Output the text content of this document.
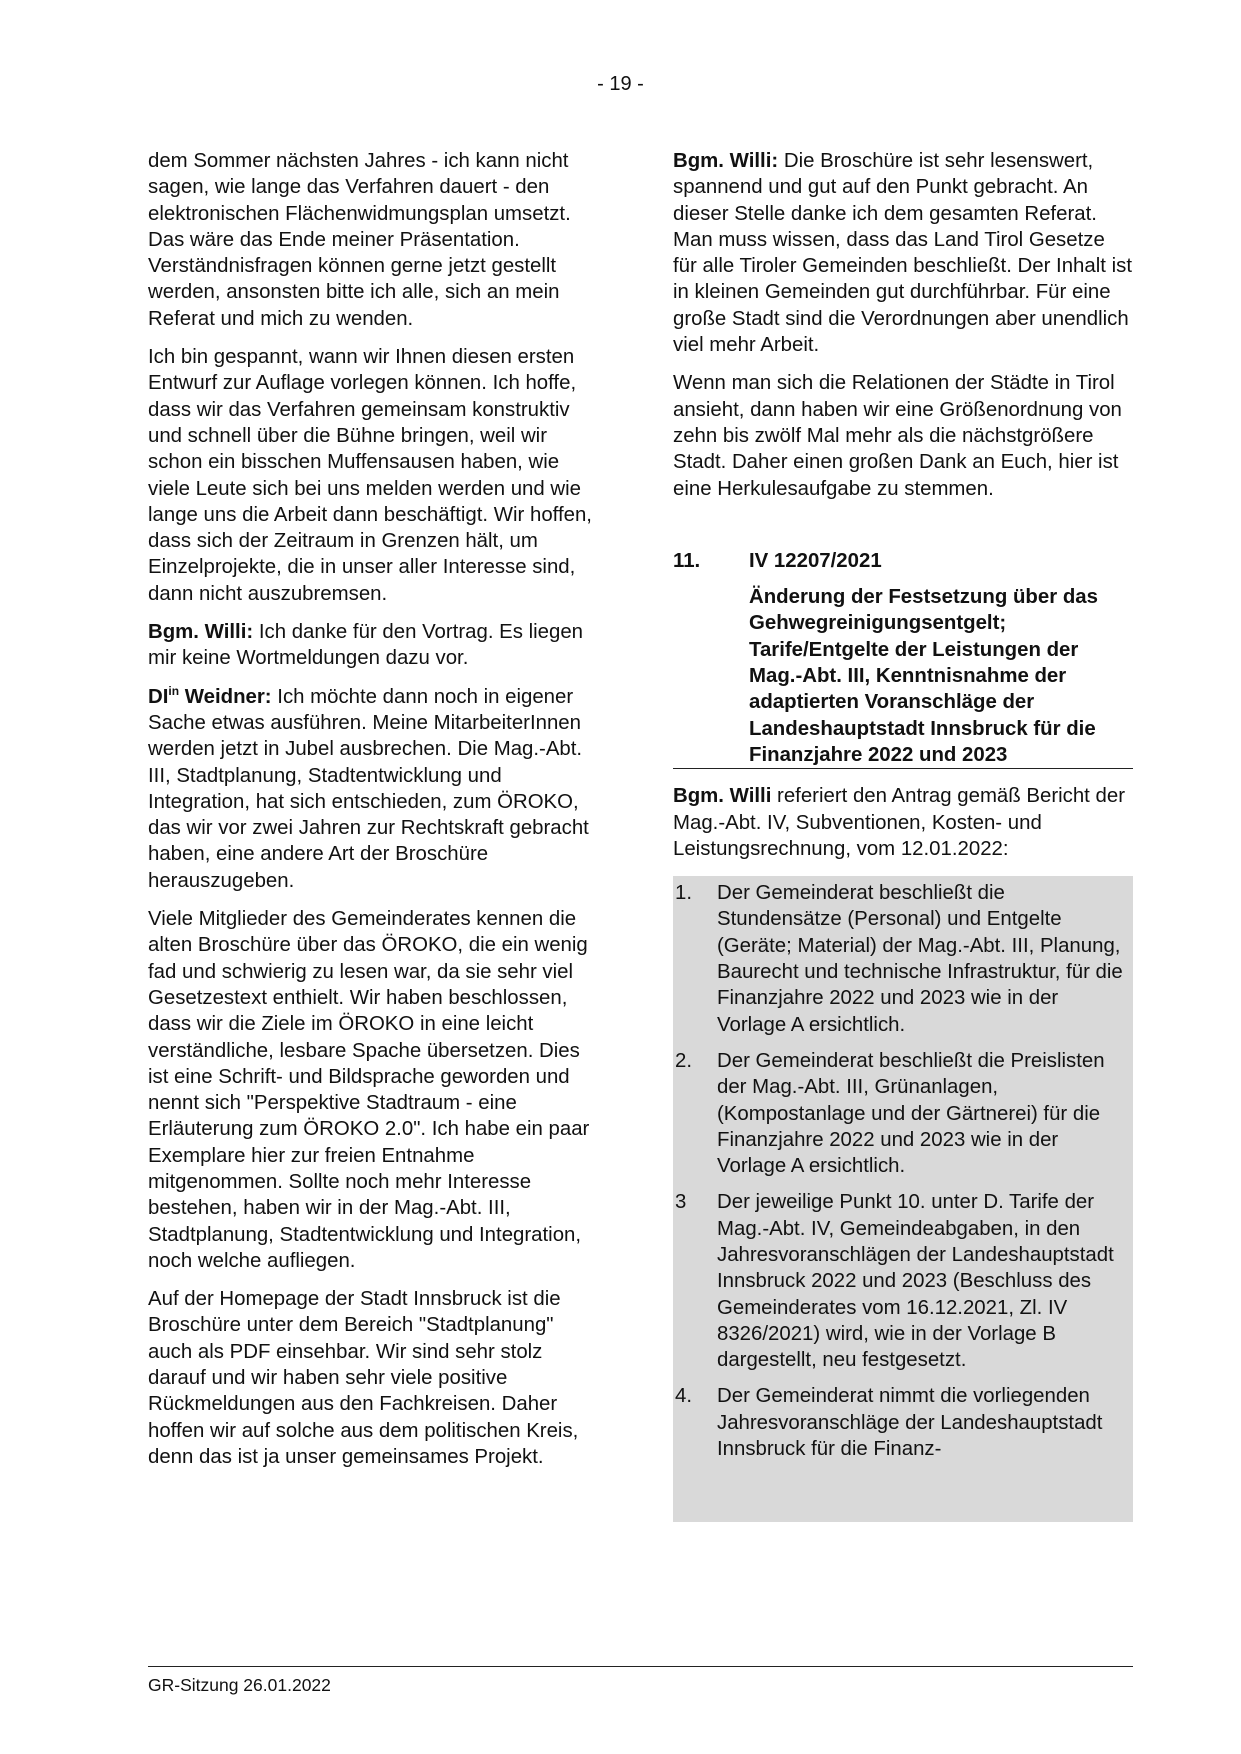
- 19 -

dem Sommer nächsten Jahres - ich kann nicht sagen, wie lange das Verfahren dauert - den elektronischen Flächenwidmungsplan umsetzt. Das wäre das Ende meiner Präsentation. Verständnisfragen können gerne jetzt gestellt werden, ansonsten bitte ich alle, sich an mein Referat und mich zu wenden.

Ich bin gespannt, wann wir Ihnen diesen ersten Entwurf zur Auflage vorlegen können. Ich hoffe, dass wir das Verfahren gemeinsam konstruktiv und schnell über die Bühne bringen, weil wir schon ein bisschen Muffensausen haben, wie viele Leute sich bei uns melden werden und wie lange uns die Arbeit dann beschäftigt. Wir hoffen, dass sich der Zeitraum in Grenzen hält, um Einzelprojekte, die in unser aller Interesse sind, dann nicht auszubremsen.

Bgm. Willi: Ich danke für den Vortrag. Es liegen mir keine Wortmeldungen dazu vor.

$DI^{in}$ Weidner: Ich möchte dann noch in eigener Sache etwas ausführen. Meine MitarbeiterInnen werden jetzt in Jubel ausbrechen. Die Mag.-Abt. III, Stadtplanung, Stadtentwicklung und Integration, hat sich entschieden, zum ÖROKO, das wir vor zwei Jahren zur Rechtskraft gebracht haben, eine andere Art der Broschüre herauszugeben.

Viele Mitglieder des Gemeinderates kennen die alten Broschüre über das ÖROKO, die ein wenig fad und schwierig zu lesen war, da sie sehr viel Gesetzestext enthielt. Wir haben beschlossen, dass wir die Ziele im ÖROKO in eine leicht verständliche, lesbare Spache übersetzen. Dies ist eine Schrift- und Bildsprache geworden und nennt sich "Perspektive Stadtraum - eine Erläuterung zum ÖROKO 2.0". Ich habe ein paar Exemplare hier zur freien Entnahme mitgenommen. Sollte noch mehr Interesse bestehen, haben wir in der Mag.-Abt. III, Stadtplanung, Stadtentwicklung und Integration, noch welche aufliegen.

Auf der Homepage der Stadt Innsbruck ist die Broschüre unter dem Bereich "Stadtplanung" auch als PDF einsehbar. Wir sind sehr stolz darauf und wir haben sehr viele positive Rückmeldungen aus den Fachkreisen. Daher hoffen wir auf solche aus dem politischen Kreis, denn das ist ja unser gemeinsames Projekt.

Bgm. Willi: Die Broschüre ist sehr lesenswert, spannend und gut auf den Punkt gebracht. An dieser Stelle danke ich dem gesamten Referat. Man muss wissen, dass das Land Tirol Gesetze für alle Tiroler Gemeinden beschließt. Der Inhalt ist in kleinen Gemeinden gut durchführbar. Für eine große Stadt sind die Verordnungen aber unendlich viel mehr Arbeit.

Wenn man sich die Relationen der Städte in Tirol ansieht, dann haben wir eine Größenordnung von zehn bis zwölf Mal mehr als die nächstgrößere Stadt. Daher einen großen Dank an Euch, hier ist eine Herkulesaufgabe zu stemmen.

11.	IV 12207/2021
Änderung der Festsetzung über das Gehwegreinigungsentgelt; Tarife/Entgelte der Leistungen der Mag.-Abt. III, Kenntnisnahme der adaptierten Voranschläge der Landeshauptstadt Innsbruck für die Finanzjahre 2022 und 2023

Bgm. Willi referiert den Antrag gemäß Bericht der Mag.-Abt. IV, Subventionen, Kosten- und Leistungsrechnung, vom 12.01.2022:

1.	Der Gemeinderat beschließt die Stundensätze (Personal) und Entgelte (Geräte; Material) der Mag.-Abt. III, Planung, Baurecht und technische Infrastruktur, für die Finanzjahre 2022 und 2023 wie in der Vorlage A ersichtlich.
2.	Der Gemeinderat beschließt die Preislisten der Mag.-Abt. III, Grünanlagen, (Kompostanlage und der Gärtnerei) für die Finanzjahre 2022 und 2023 wie in der Vorlage A ersichtlich.
3	Der jeweilige Punkt 10. unter D. Tarife der Mag.-Abt. IV, Gemeindeabgaben, in den Jahresvoranschlägen der Landeshauptstadt Innsbruck 2022 und 2023 (Beschluss des Gemeinderates vom 16.12.2021, Zl. IV 8326/2021) wird, wie in der Vorlage B dargestellt, neu festgesetzt.
4.	Der Gemeinderat nimmt die vorliegenden Jahresvoranschläge der Landeshauptstadt Innsbruck für die Finanz-
GR-Sitzung 26.01.2022
